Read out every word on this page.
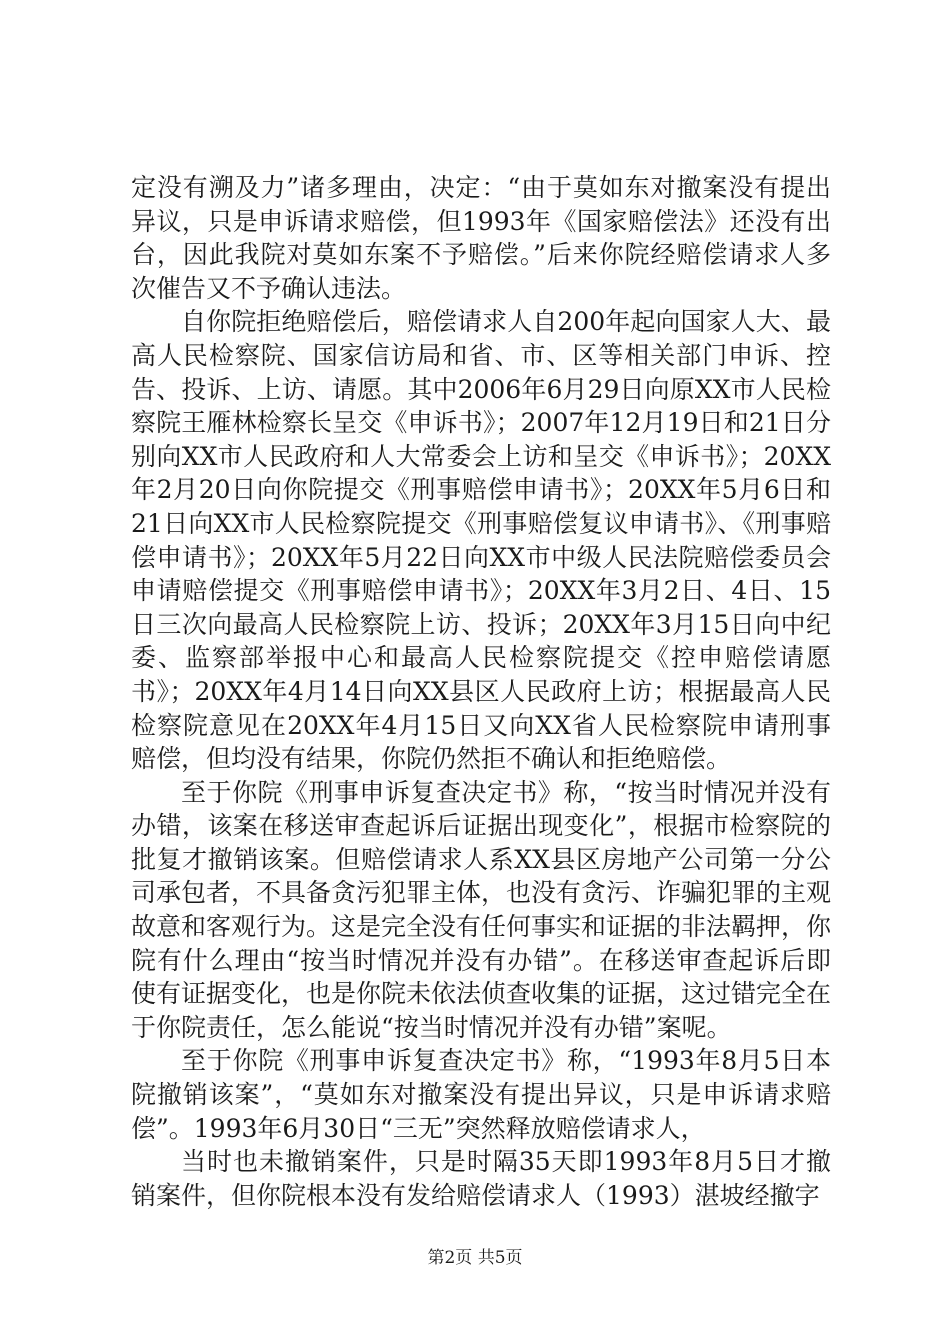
定没有溯及力”诸多理由，决定：“由于莫如东对撤案没有提出异议，只是申诉请求赔偿，但1993年《国家赔偿法》还没有出台，因此我院对莫如东案不予赔偿。”后来你院经赔偿请求人多次催告又不予确认违法。

自你院拒绝赔偿后，赔偿请求人自200年起向国家人大、最高人民检察院、国家信访局和省、市、区等相关部门申诉、控告、投诉、上访、请愿。其中2006年6月29日向原XX市人民检察院王雁林检察长呈交《申诉书》；2007年12月19日和21日分别向XX市人民政府和人大常委会上访和呈交《申诉书》；20XX年2月20日向你院提交《刑事赔偿申请书》；20XX年5月6日和21日向XX市人民检察院提交《刑事赔偿复议申请书》、《刑事赔偿申请书》；20XX年5月22日向XX市中级人民法院赔偿委员会申请赔偿提交《刑事赔偿申请书》；20XX年3月2日、4日、15日三次向最高人民检察院上访、投诉；20XX年3月15日向中纪委、监察部举报中心和最高人民检察院提交《控申赔偿请愿书》；20XX年4月14日向XX县区人民政府上访；根据最高人民检察院意见在20XX年4月15日又向XX省人民检察院申请刑事赔偿，但均没有结果，你院仍然拒不确认和拒绝赔偿。

至于你院《刑事申诉复查决定书》称，“按当时情况并没有办错，该案在移送审查起诉后证据出现变化”，根据市检察院的批复才撤销该案。但赔偿请求人系XX县区房地产公司第一分公司承包者，不具备贪污犯罪主体，也没有贪污、诈骗犯罪的主观故意和客观行为。这是完全没有任何事实和证据的非法羁押，你院有什么理由“按当时情况并没有办错”。在移送审查起诉后即使有证据变化，也是你院未依法侦查收集的证据，这过错完全在于你院责任，怎么能说“按当时情况并没有办错”案呢。

至于你院《刑事申诉复查决定书》称，“1993年8月5日本院撤销该案”，“莫如东对撤案没有提出异议，只是申诉请求赔偿”。1993年6月30日“三无”突然释放赔偿请求人，

当时也未撤销案件，只是时隔35天即1993年8月5日才撤销案件，但你院根本没有发给赔偿请求人（1993）湛坡经撤字

第2页 共5页
